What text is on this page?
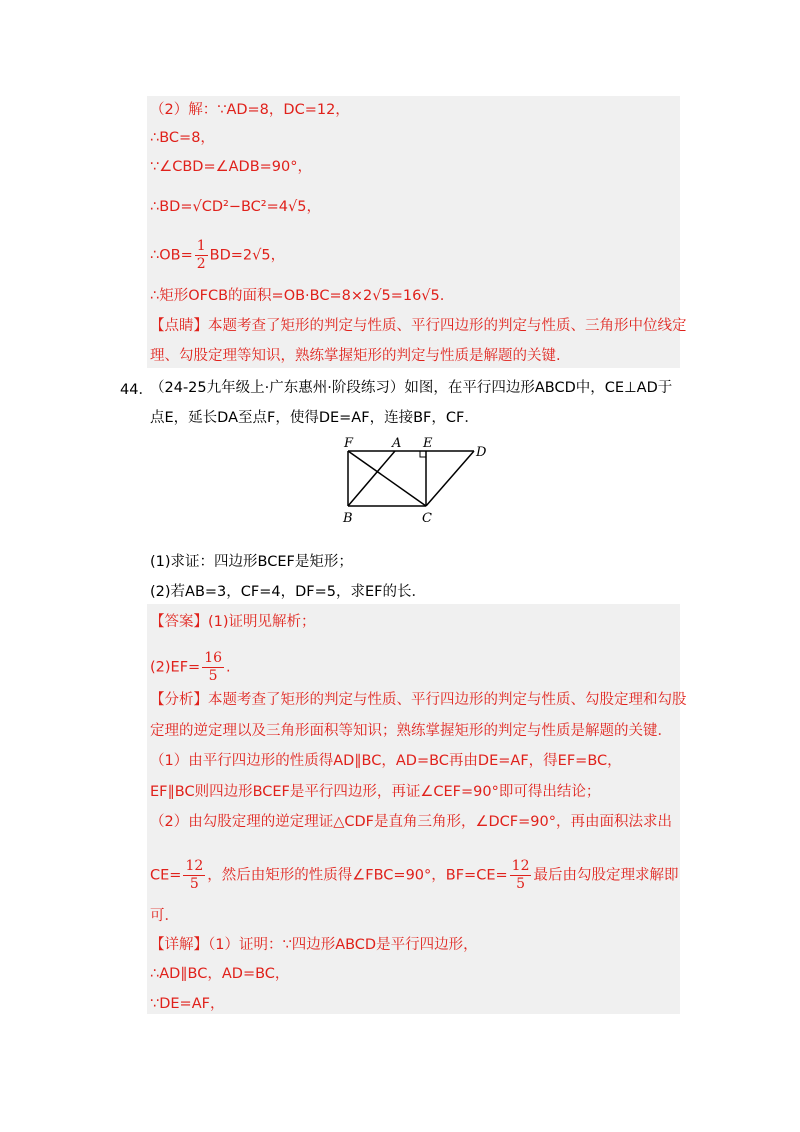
（2）解：∵AD=8，DC=12，
∴BC=8，
∵∠CBD=∠ADB=90°，
∴BD=√CD²−BC²=4√5，
∴OB= $\frac{1}{2} BD=2√5$，
∴矩形OFCB的面积=OB·BC=8×2√5=16√5.
【点睛】本题考查了矩形的判定与性质、平行四边形的判定与性质、三角形中位线定
理、勾股定理等知识，熟练掌握矩形的判定与性质是解题的关键.
44．
（24-25九年级上·广东惠州·阶段练习）如图，在平行四边形ABCD中，CE⊥AD于
点E，延长DA至点F，使得DE=AF，连接BF，CF．
F	A E
D
B	C
(1)求证：四边形BCEF是矩形；
(2)若AB=3，CF=4，DF=5，求EF的长．
【答案】(1)证明见解析；
$(2)EF= \frac{16}{5}$ .
【分析】本题考查了矩形的判定与性质、平行四边形的判定与性质、勾股定理和勾股
定理的逆定理以及三角形面积等知识；熟练掌握矩形的判定与性质是解题的关键．
（1）由平行四边形的性质得AD∥BC，AD=BC再由DE=AF，得EF=BC，
EF∥BC则四边形BCEF是平行四边形，再证∠CEF=90°即可得出结论；
（2）由勾股定理的逆定理证△CDF是直角三角形，∠DCF=90°，再由面积法求出
$CE= \frac{12}{5}$ ，然后由矩形的性质得∠FBC=90°，$BF=CE= \frac{12}{5}$ 最后由勾股定理求解即
可．
【详解】（1）证明：∵四边形ABCD是平行四边形，
∴AD∥BC，AD=BC，
∵DE=AF，
